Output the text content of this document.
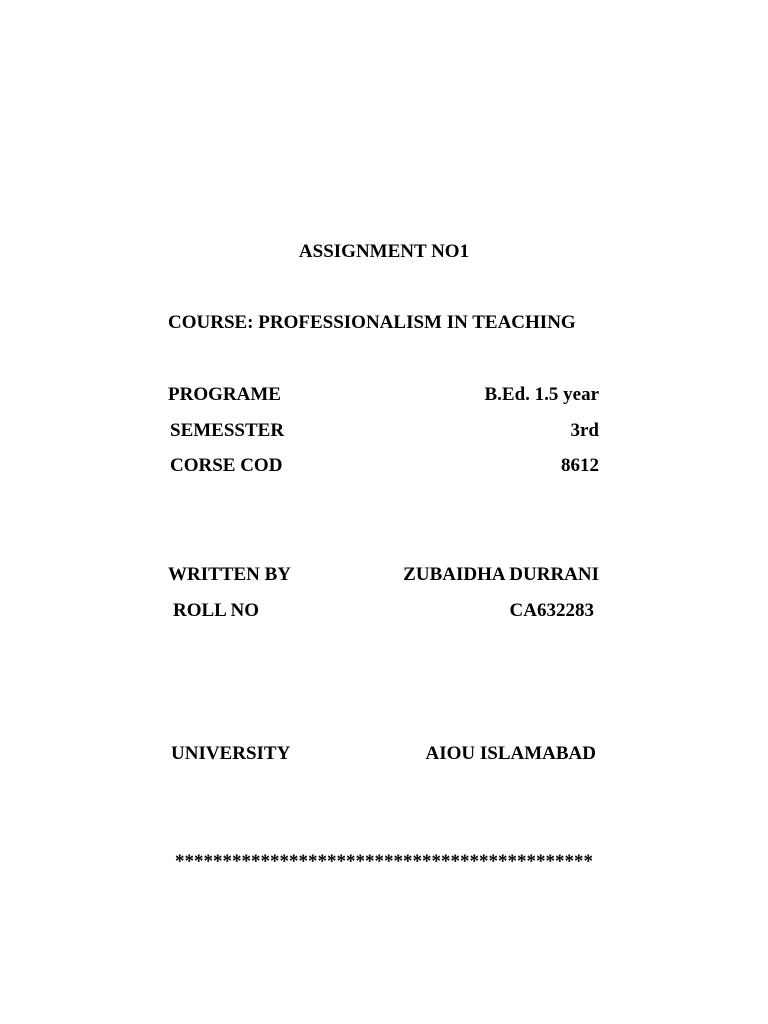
ASSIGNMENT NO1
COURSE: PROFESSIONALISM IN TEACHING
PROGRAME	B.Ed. 1.5 year
SEMESSTER	3rd
CORSE COD	8612
WRITTEN BY	ZUBAIDHA DURRANI
ROLL NO	CA632283
UNIVERSITY	AIOU ISLAMABAD
********************************************
